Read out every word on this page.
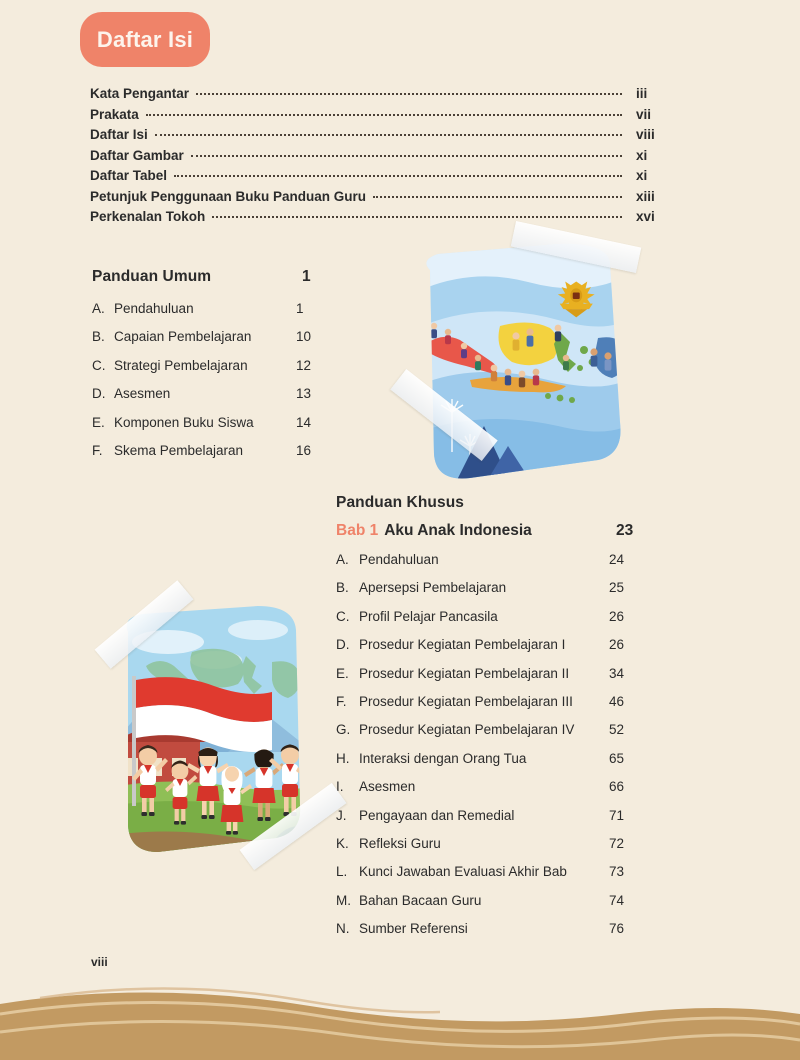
Daftar Isi
Kata Pengantar	iii
Prakata	vii
Daftar Isi	viii
Daftar Gambar	xi
Daftar Tabel	xi
Petunjuk Penggunaan Buku Panduan Guru	xiii
Perkenalan Tokoh	xvi
Panduan Umum	1
A. Pendahuluan	1
B. Capaian Pembelajaran	10
C. Strategi Pembelajaran	12
D. Asesmen	13
E. Komponen Buku Siswa	14
F. Skema Pembelajaran	16
Panduan Khusus
Bab 1 Aku Anak Indonesia	23
A. Pendahuluan	24
B. Apersepsi Pembelajaran	25
C. Profil Pelajar Pancasila	26
D. Prosedur Kegiatan Pembelajaran I	26
E. Prosedur Kegiatan Pembelajaran II	34
F. Prosedur Kegiatan Pembelajaran III	46
G. Prosedur Kegiatan Pembelajaran IV	52
H. Interaksi dengan Orang Tua	65
I.	Asesmen	66
J. Pengayaan dan Remedial	71
K. Refleksi Guru	72
L. Kunci Jawaban Evaluasi Akhir Bab	73
M. Bahan Bacaan Guru	74
N. Sumber Referensi	76
viii
